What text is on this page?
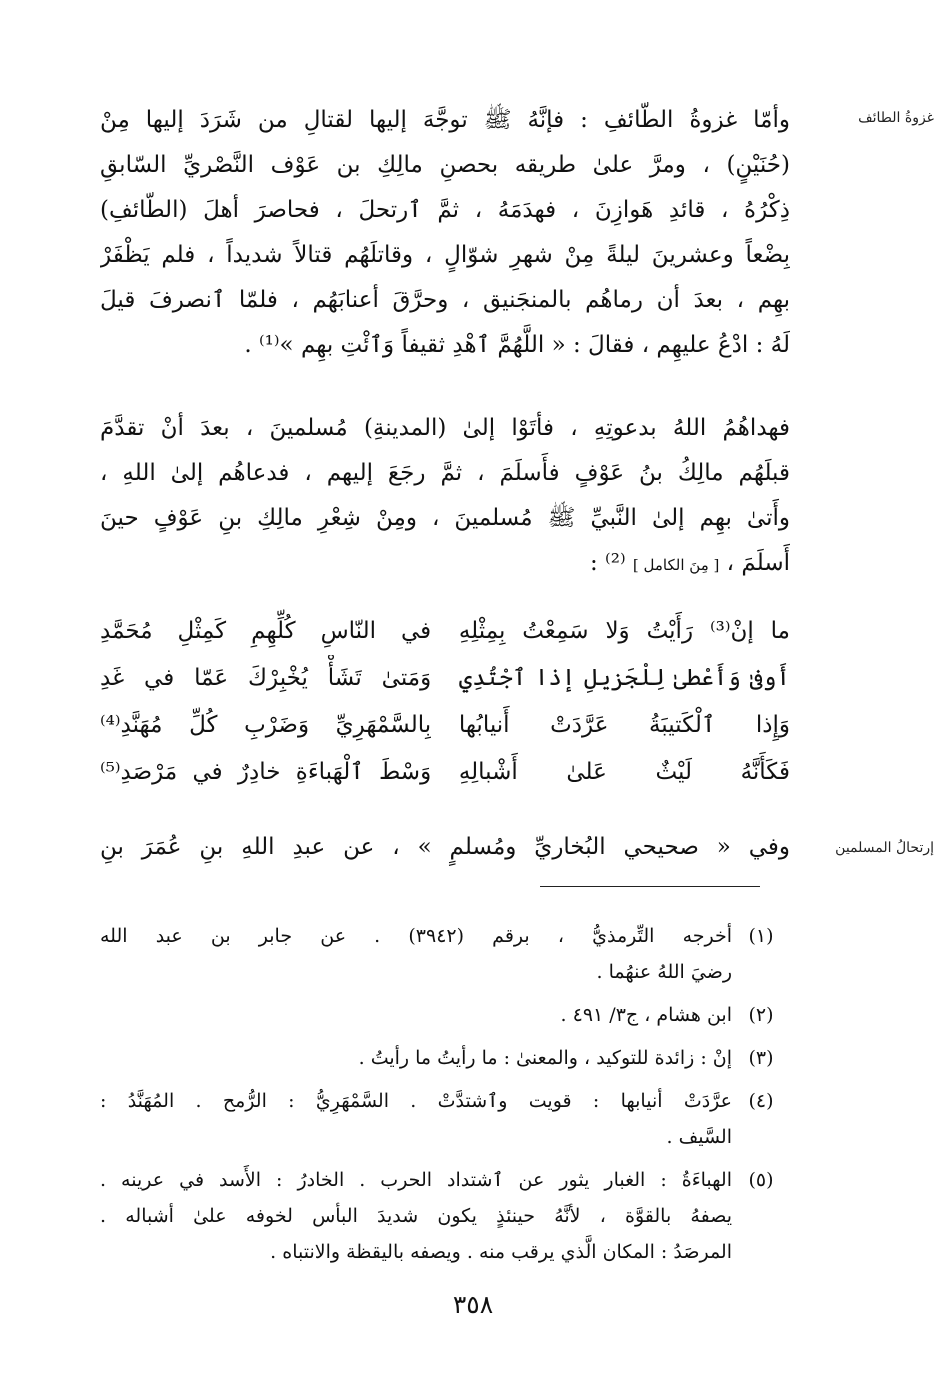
غزوةُ الطائف
إرتحالُ المسلمين
وأمّا غزوةُ الطّائفِ : فإنَّهُ ﷺ توجَّهَ إليها لقتالِ من شَرَدَ إليها مِنْ
(حُنَيْنٍ) ، ومرَّ علىٰ طريقه بحصنِ مالِكِ بن عَوْف النَّصْريِّ السّابقِ
ذِكْرُهُ ، قائدِ هَوازِنَ ، فهدَمَهُ ، ثمَّ ٱرتحلَ ، فحاصرَ أهلَ (الطّائفِ)
بِضْعاً وعشرينَ ليلةً مِنْ شهرِ شوّالٍ ، وقاتلَهُم قتالاً شديداً ، فلم يَظْفَرْ
بهِم ، بعدَ أن رماهُم بالمنجَنيق ، وحرَّقَ أعنابَهُم ، فلمّا ٱنصرفَ قيلَ
لَهُ : ادْعُ عليهِم ، فقالَ : « اللَّهُمَّ ٱهْدِ ثقيفاً وَٱئْتِ بهِم »⁽¹⁾ .
فهداهُمُ اللهُ بدعوتِهِ ، فأتَوْا إلىٰ (المدينةِ) مُسلمينَ ، بعدَ أنْ تقدَّمَ
قبلَهُم مالِكُ بنُ عَوْفٍ فأَسلَمَ ، ثمَّ رجَعَ إليهم ، فدعاهُم إلىٰ اللهِ ،
وأَتىٰ بهِم إلىٰ النَّبيِّ ﷺ مُسلمينَ ، ومِنْ شِعْرِ مالِكِ بنِ عَوْفٍ حينَ
أَسلَمَ ، [ مِنَ الكامل ] ⁽²⁾ :
ما إنْ⁽³⁾ رَأَيْتُ وَلا سَمِعْتُ بِمِثْلِهِ
في النّاسِ كُلِّهِمِ كَمِثْلِ مُحَمَّدِ
أَوفىٰ وَأَعْطىٰ لِلْجَزيلِ إذا ٱجْتُدِي
وَمَتىٰ تَشَأْ يُخْبِرْكَ عَمّا في غَدِ
وَإِذا ٱلْكَتيبَةُ عَرَّدَتْ أَنيابُها
بِالسَّمْهَرِيِّ وَضَرْبِ كُلِّ مُهَنَّدِ⁽⁴⁾
فَكَأَنَّهُ لَيْثٌ عَلىٰ أَشْبالِهِ
وَسْطَ ٱلْهَباءَةِ خادِرٌ في مَرْصَدِ⁽⁵⁾
وفي « صحيحي البُخاريِّ ومُسلمٍ » ، عن عبدِ اللهِ بنِ عُمَرَ بنِ
(١)
أخرجه التِّرمذيُّ ، برقم (٣٩٤٢) . عن جابر بن عبد الله
رضيَ اللهُ عنهُما .
(٢)
ابن هشام ، ج٣/ ٤٩١ .
(٣)
إنْ : زائدة للتوكيد ، والمعنىٰ : ما رأيتُ ما رأيتُ .
(٤)
عرَّدَتْ أنيابها : قويت وٱشتدَّتْ . السَّمْهَرِيُّ : الرُّمح . المُهَنَّدُ :
السَّيف .
(٥)
الهباءَةُ : الغبار يثور عن ٱشتداد الحرب . الخادرُ : الأَسد في عرينه .
يصفهُ بالقوَّة ، لأنَّهُ حينئذٍ يكون شديدَ البأس لخوفه علىٰ أشباله .
المرصَدُ : المكان الَّذي يرقب منه . ويصفه باليقظة والانتباه .
٣٥٨
